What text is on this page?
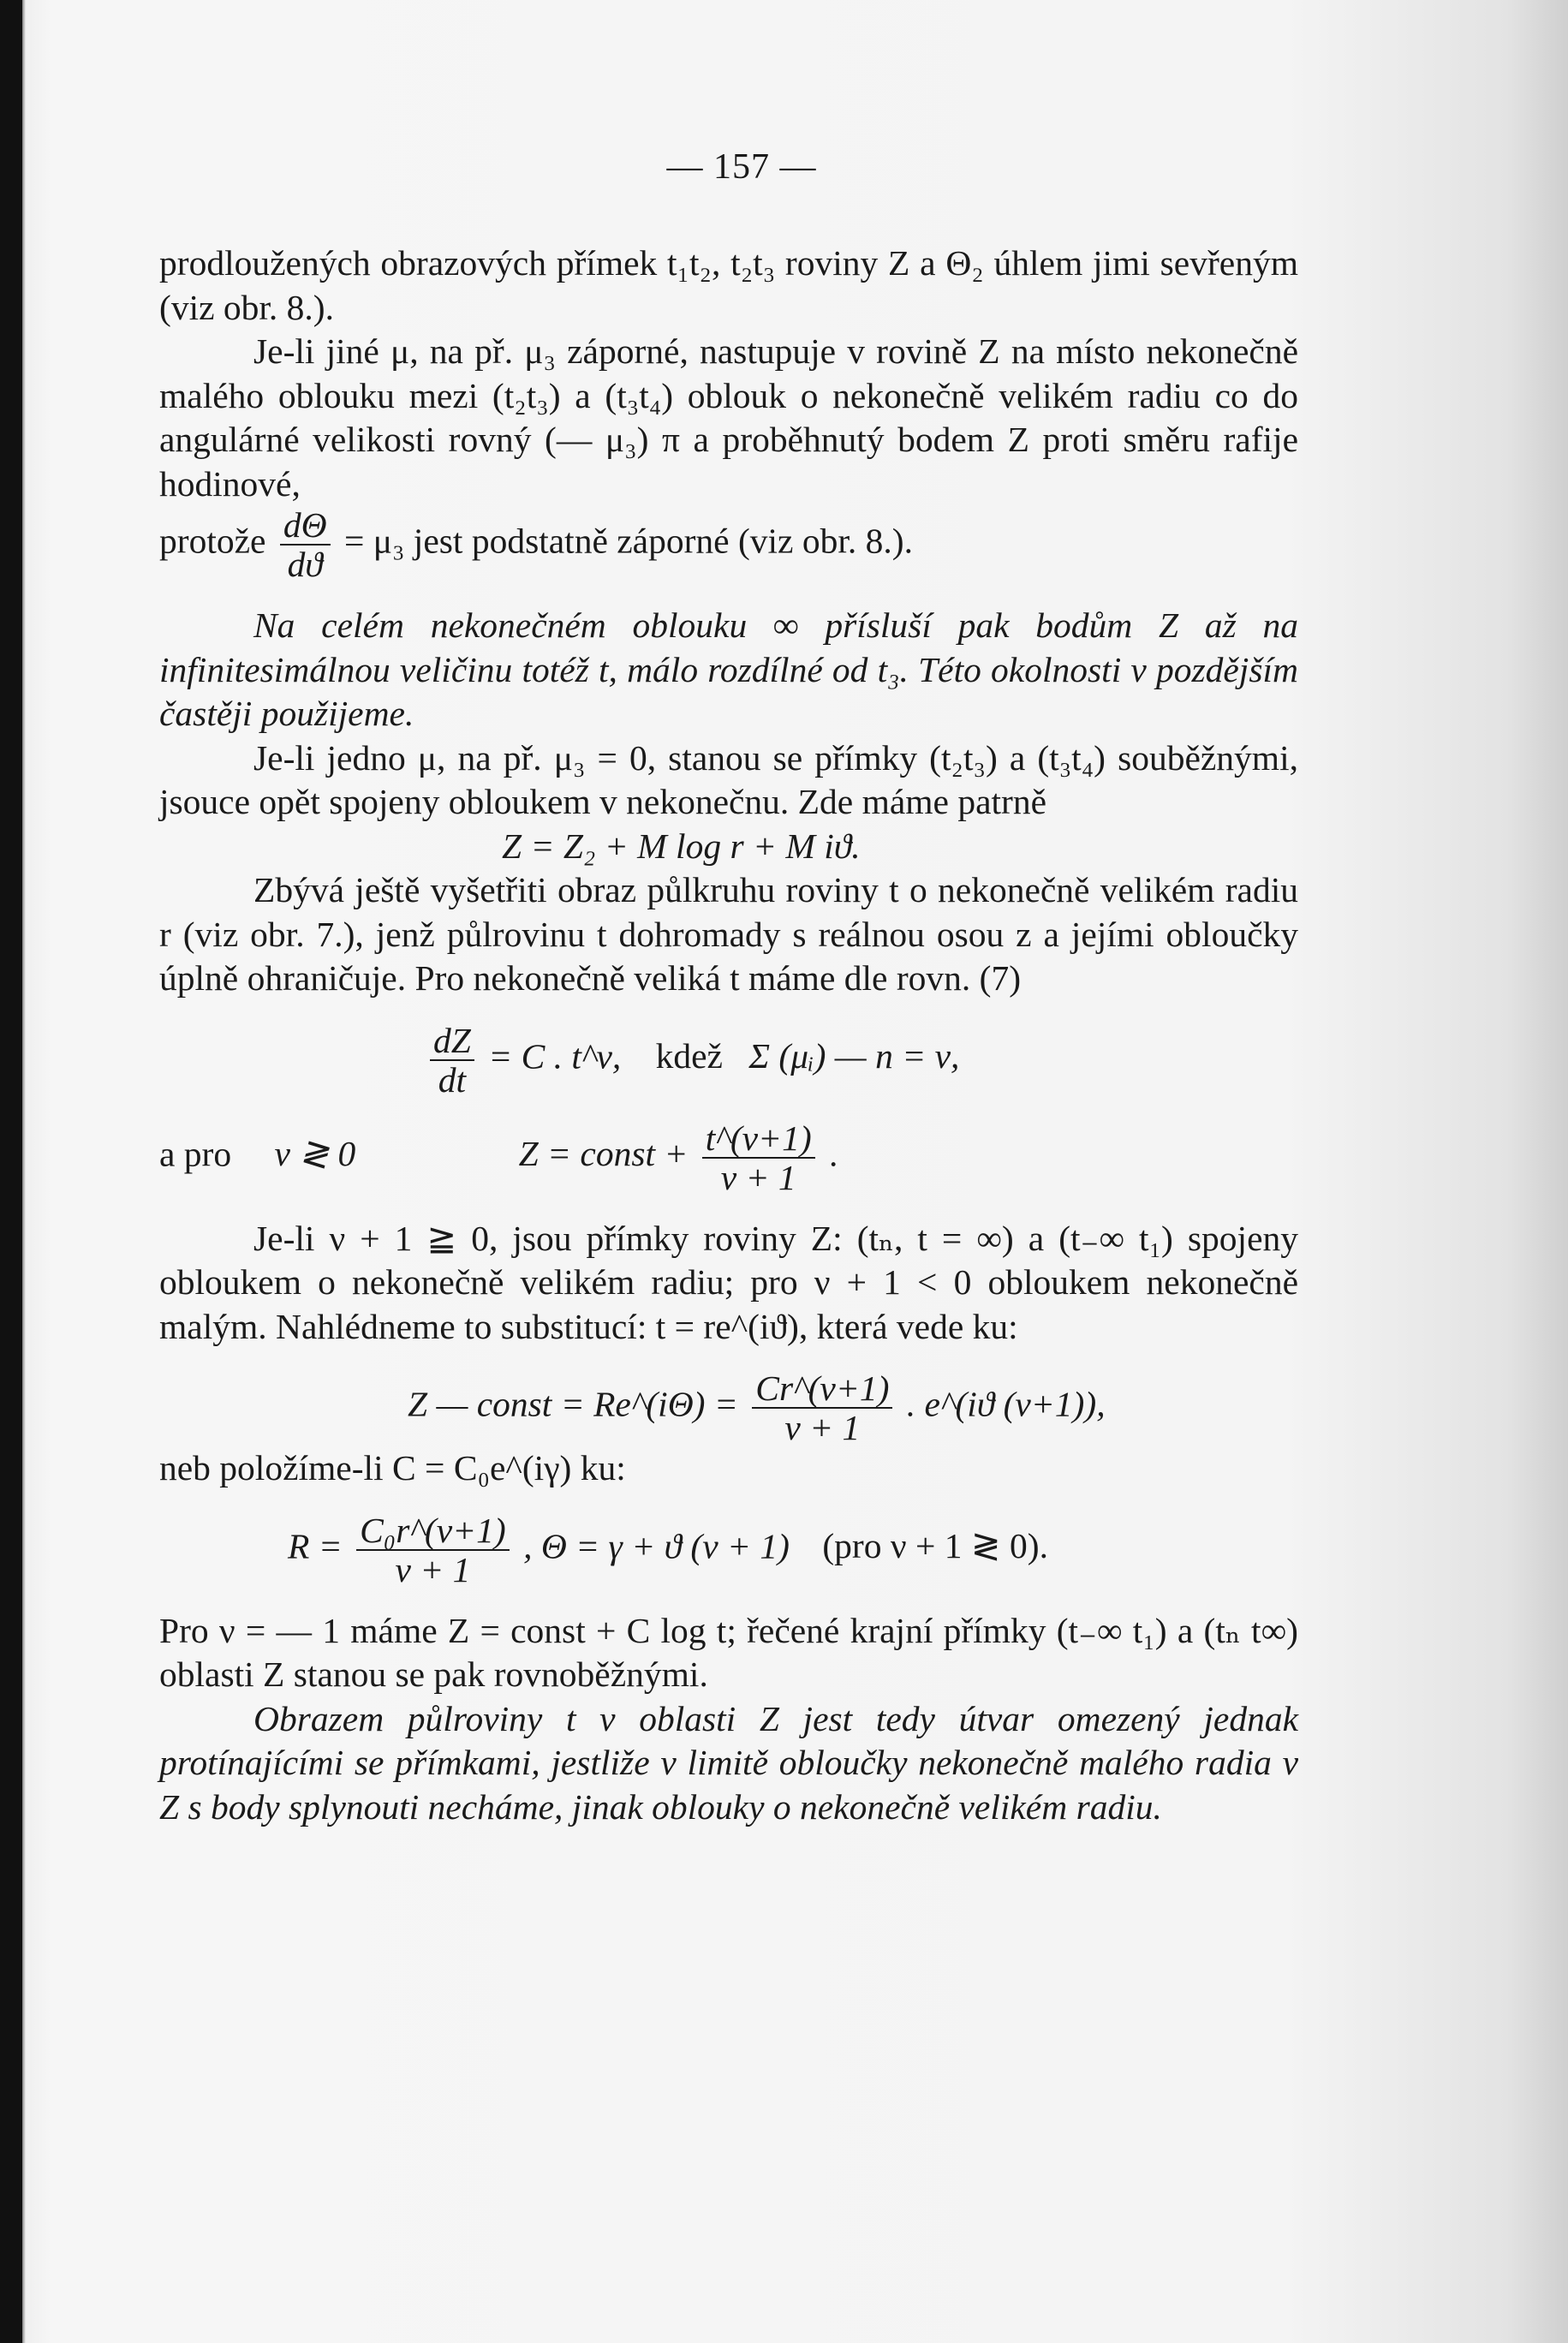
— 157 —

prodloužených obrazových přímek t₁t₂, t₂t₃ roviny Z a Θ₂ úhlem jimi sevřeným (viz obr. 8.).

Je-li jiné μ, na př. μ₃ záporné, nastupuje v rovině Z na místo nekonečně malého oblouku mezi (t₂t₃) a (t₃t₄) oblouk o nekonečně velikém radiu co do angulárné velikosti rovný (— μ₃) π a proběhnutý bodem Z proti směru rafije hodinové,

protože $\frac{d\Theta}{dϑ} = \mu_3$ jest podstatně záporné (viz obr. 8.).

Na celém nekonečném oblouku ∞ přísluší pak bodům Z až na infinitesimálnou veličinu totéž t, málo rozdílné od t₃. Této okolnosti v pozdějším častěji použijeme.

Je-li jedno μ, na př. μ₃ = 0, stanou se přímky (t₂t₃) a (t₃t₄) souběžnými, jsouce opět spojeny obloukem v nekonečnu. Zde máme patrně

Z = Z₂ + M log r + M iϑ.

Zbývá ještě vyšetřiti obraz půlkruhu roviny t o nekonečně velikém radiu r (viz obr. 7.), jenž půlrovinu t dohromady s reálnou osou z a jejími obloučky úplně ohraničuje. Pro nekonečně veliká t máme dle rovn. (7)

$\frac{dZ}{dt} = C$ . t^ν, kdež Σ (μᵢ) — n = ν,
a pro ν ≷ 0	Z = const + $\frac{t\^{}(\nu+1)}{\nu + 1}$ .

Je-li ν + 1 ≧ 0, jsou přímky roviny Z: (tₙ, t = ∞) a (t₋∞ t₁) spojeny obloukem o nekonečně velikém radiu; pro ν + 1 < 0 obloukem nekonečně malým. Nahlédneme to substitucí: t = re^(iϑ), která vede ku:

Z — const = Re^(iΘ) = $\frac{Cr\^{}(\nu+1)}{\nu + 1}$ . e^(iϑ (ν+1)),

neb položíme-li C = C₀e^(iγ) ku:

$R = \frac{\text{C₀r\textasciicircum{}(ν+1)}}{\nu + 1}$ , Θ = γ + ϑ (ν + 1) (pro ν + 1 ≷ 0).

Pro ν = — 1 máme Z = const + C log t; řečené krajní přímky (t₋∞ t₁) a (tₙ t∞) oblasti Z stanou se pak rovnoběžnými.

Obrazem půlroviny t v oblasti Z jest tedy útvar omezený jednak protínajícími se přímkami, jestliže v limitě obloučky nekonečně malého radia v Z s body splynouti necháme, jinak oblouky o nekonečně velikém radiu.
